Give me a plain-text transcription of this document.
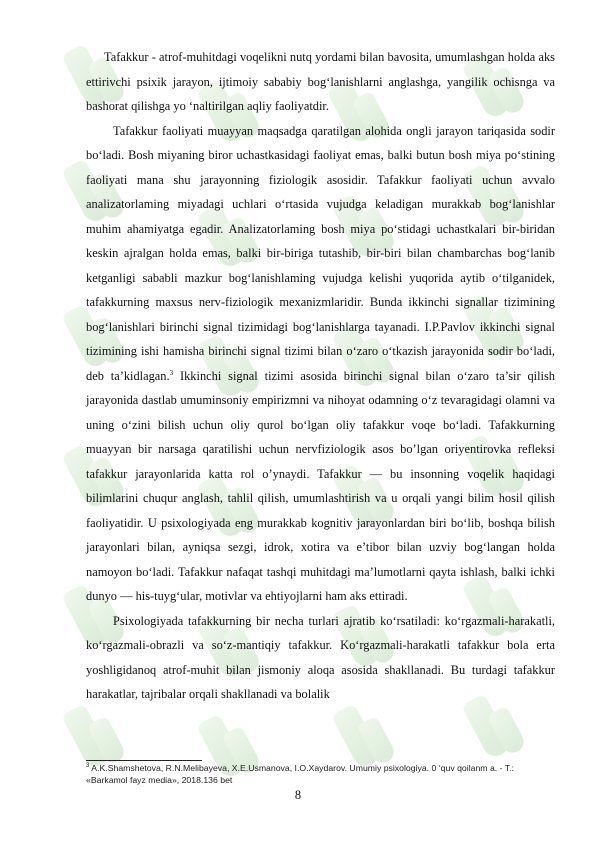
Tafakkur - atrof-muhitdagi voqelikni nutq yordami bilan bavosita, umumlashgan holda aks ettirivchi psixik jarayon, ijtimoiy sababiy bog‘lanishlarni anglashga, yangilik ochisnga va bashorat qilishga yo ‘naltirilgan aqliy faoliyatdir.

Tafakkur faoliyati muayyan maqsadga qaratilgan alohida ongli jarayon tariqasida sodir bo‘ladi. Bosh miyaning biror uchastkasidagi faoliyat emas, balki butun bosh miya po‘stining faoliyati mana shu jarayonning fiziologik asosidir. Tafakkur faoliyati uchun avvalo analizatorlaming miyadagi uchlari o‘rtasida vujudga keladigan murakkab bog‘lanishlar muhim ahamiyatga egadir. Analizatorlaming bosh miya po‘stidagi uchastkalari bir-biridan keskin ajralgan holda emas, balki bir-biriga tutashib, bir-biri bilan chambarchas bog‘lanib ketganligi sababli mazkur bog‘lanishlaming vujudga kelishi yuqorida aytib o‘tilganidek, tafakkurning maxsus nerv-fiziologik mexanizmlaridir. Bunda ikkinchi signallar tizimining bog‘lanishlari birinchi signal tizimidagi bog‘lanishlarga tayanadi. I.P.Pavlov ikkinchi signal tizimining ishi hamisha birinchi signal tizimi bilan o‘zaro o‘tkazish jarayonida sodir bo‘ladi, deb ta’kidlagan.$^3$ Ikkinchi signal tizimi asosida birinchi signal bilan o‘zaro ta’sir qilish jarayonida dastlab umuminsoniy empirizmni va nihoyat odamning o‘z tevaragidagi olamni va uning o‘zini bilish uchun oliy qurol bo‘lgan oliy tafakkur voqe bo‘ladi. Tafakkurning muayyan bir narsaga qaratilishi uchun nervfiziologik asos bo’lgan oriyentirovka refleksi tafakkur jarayonlarida katta rol o’ynaydi. Tafakkur — bu insonning voqelik haqidagi bilimlarini chuqur anglash, tahlil qilish, umumlashtirish va u orqali yangi bilim hosil qilish faoliyatidir. U psixologiyada eng murakkab kognitiv jarayonlardan biri bo‘lib, boshqa bilish jarayonlari bilan, ayniqsa sezgi, idrok, xotira va e’tibor bilan uzviy bog‘langan holda namoyon bo‘ladi. Tafakkur nafaqat tashqi muhitdagi ma’lumotlarni qayta ishlash, balki ichki dunyo — his-tuyg‘ular, motivlar va ehtiyojlarni ham aks ettiradi.

Psixologiyada tafakkurning bir necha turlari ajratib ko‘rsatiladi: ko‘rgazmali-harakatli, ko‘rgazmali-obrazli va so‘z-mantiqiy tafakkur. Ko‘rgazmali-harakatli tafakkur bola erta yoshligidanoq atrof-muhit bilan jismoniy aloqa asosida shakllanadi. Bu turdagi tafakkur harakatlar, tajribalar orqali shakllanadi va bolalik

$^3$ A.K.Shamshetova, R.N.Melibayeva, X.E.Usmanova, I.O.Xaydarov. Umumiy psixologiya. 0 ‘quv qoilanm a. - T.: «Barkamol fayz media», 2018.136 bet
8
